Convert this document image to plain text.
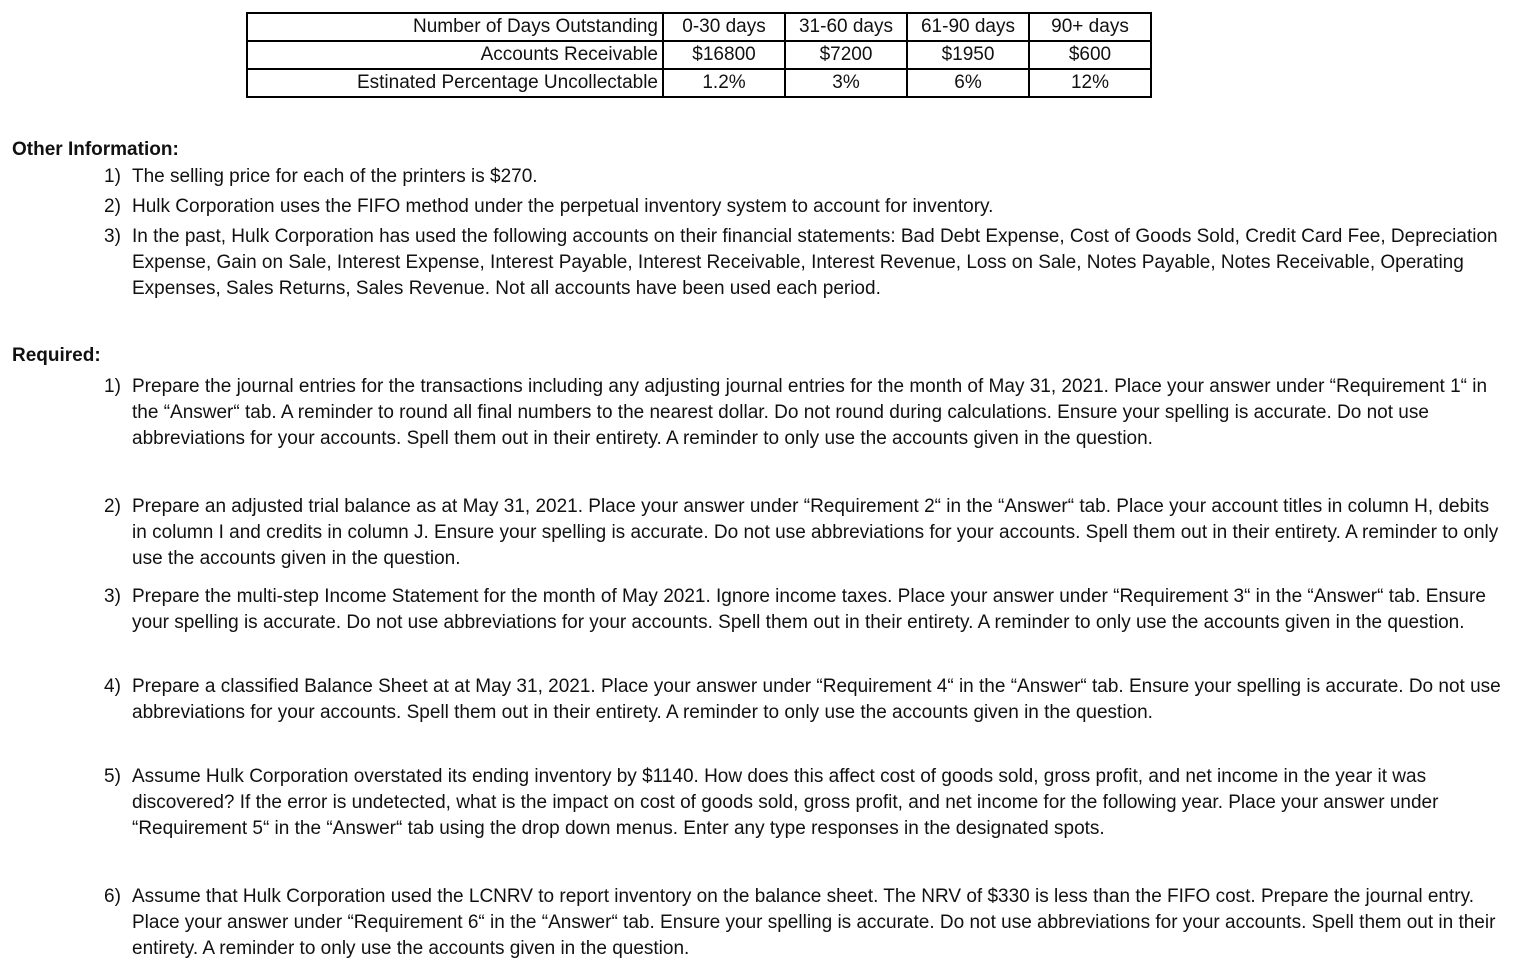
Number of Days Outstanding	0-30 days	31-60 days	61-90 days	90+ days
Accounts Receivable	$16800	$7200	$1950	$600
Estinated Percentage Uncollectable	1.2%	3%	6%	12%
Other Information:
1) The selling price for each of the printers is $270.
2) Hulk Corporation uses the FIFO method under the perpetual inventory system to account for inventory.
3) In the past, Hulk Corporation has used the following accounts on their financial statements: Bad Debt Expense, Cost of Goods Sold, Credit Card Fee, Depreciation Expense, Gain on Sale, Interest Expense, Interest Payable, Interest Receivable, Interest Revenue, Loss on Sale, Notes Payable, Notes Receivable, Operating Expenses, Sales Returns, Sales Revenue. Not all accounts have been used each period.
Required:
1) Prepare the journal entries for the transactions including any adjusting journal entries for the month of May 31, 2021. Place your answer under “Requirement 1“ in the “Answer“ tab. A reminder to round all final numbers to the nearest dollar. Do not round during calculations. Ensure your spelling is accurate. Do not use abbreviations for your accounts. Spell them out in their entirety. A reminder to only use the accounts given in the question.
2) Prepare an adjusted trial balance as at May 31, 2021. Place your answer under “Requirement 2“ in the “Answer“ tab. Place your account titles in column H, debits in column I and credits in column J. Ensure your spelling is accurate. Do not use abbreviations for your accounts. Spell them out in their entirety. A reminder to only use the accounts given in the question.
3) Prepare the multi-step Income Statement for the month of May 2021. Ignore income taxes. Place your answer under “Requirement 3“ in the “Answer“ tab. Ensure your spelling is accurate. Do not use abbreviations for your accounts. Spell them out in their entirety. A reminder to only use the accounts given in the question.
4) Prepare a classified Balance Sheet at at May 31, 2021. Place your answer under “Requirement 4“ in the “Answer“ tab. Ensure your spelling is accurate. Do not use abbreviations for your accounts. Spell them out in their entirety. A reminder to only use the accounts given in the question.
5) Assume Hulk Corporation overstated its ending inventory by $1140. How does this affect cost of goods sold, gross profit, and net income in the year it was discovered? If the error is undetected, what is the impact on cost of goods sold, gross profit, and net income for the following year. Place your answer under “Requirement 5“ in the “Answer“ tab using the drop down menus. Enter any type responses in the designated spots.
6) Assume that Hulk Corporation used the LCNRV to report inventory on the balance sheet. The NRV of $330 is less than the FIFO cost. Prepare the journal entry. Place your answer under “Requirement 6“ in the “Answer“ tab. Ensure your spelling is accurate. Do not use abbreviations for your accounts. Spell them out in their entirety. A reminder to only use the accounts given in the question.
